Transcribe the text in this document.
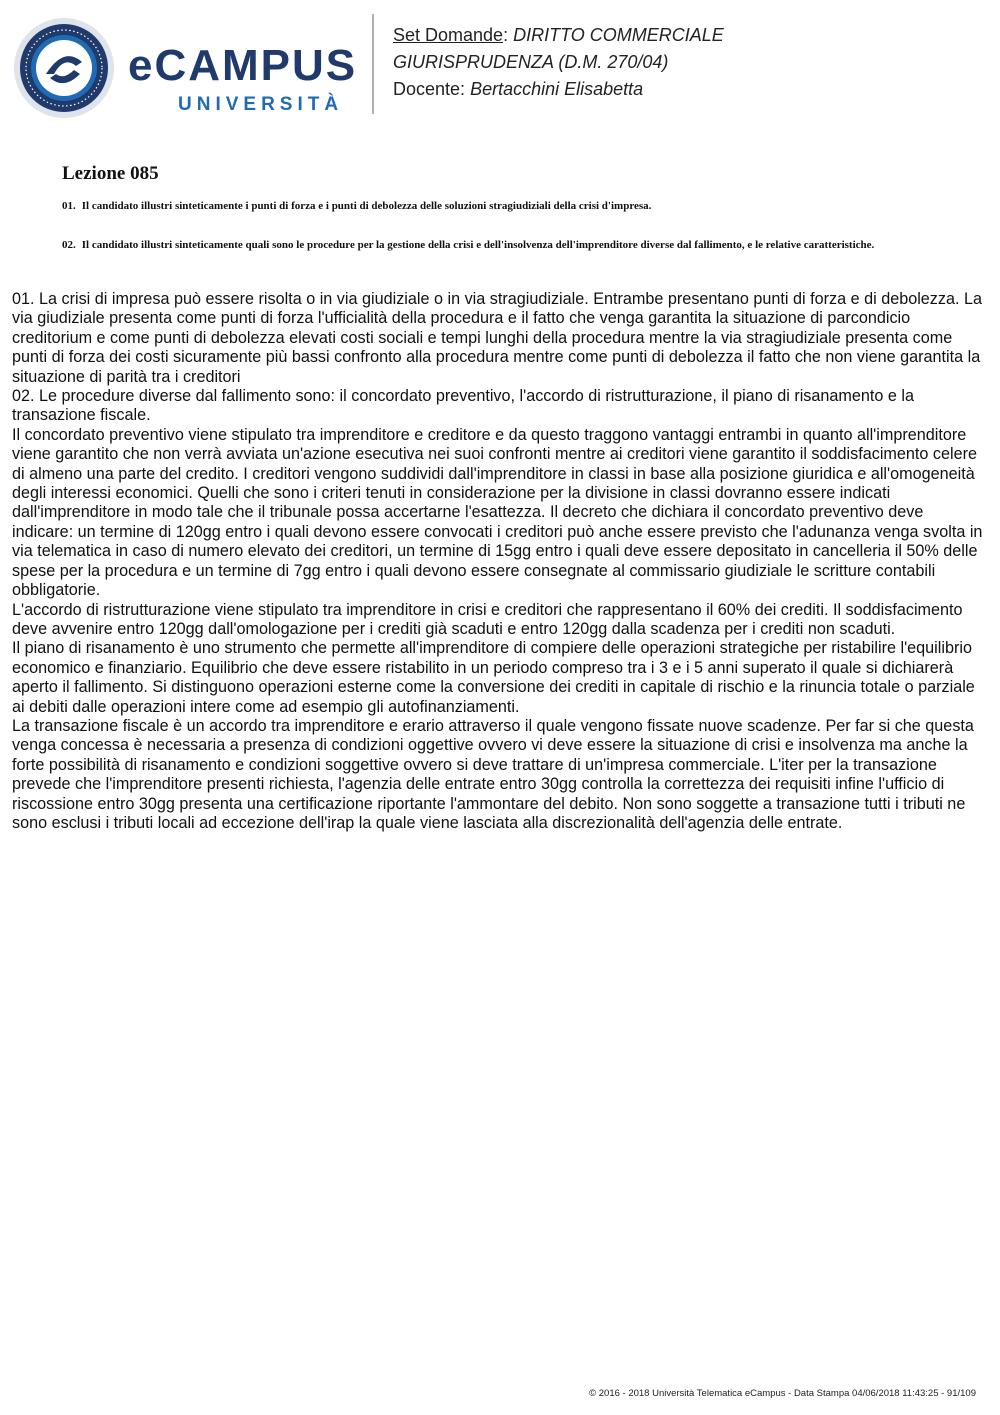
eCAMPUS
UNIVERSITÀ
Set Domande: DIRITTO COMMERCIALE
GIURISPRUDENZA (D.M. 270/04)
Docente: Bertacchini Elisabetta
Lezione 085
01. Il candidato illustri sinteticamente i punti di forza e i punti di debolezza delle soluzioni stragiudiziali della crisi d'impresa.
02. Il candidato illustri sinteticamente quali sono le procedure per la gestione della crisi e dell'insolvenza dell'imprenditore diverse dal fallimento, e le relative caratteristiche.

01. La crisi di impresa può essere risolta o in via giudiziale o in via stragiudiziale. Entrambe presentano punti di forza e di debolezza. La via giudiziale presenta come punti di forza l'ufficialità della procedura e il fatto che venga garantita la situazione di parcondicio creditorium e come punti di debolezza elevati costi sociali e tempi lunghi della procedura mentre la via stragiudiziale presenta come punti di forza dei costi sicuramente più bassi confronto alla procedura mentre come punti di debolezza il fatto che non viene garantita la situazione di parità tra i creditori

02. Le procedure diverse dal fallimento sono: il concordato preventivo, l'accordo di ristrutturazione, il piano di risanamento e la transazione fiscale.

Il concordato preventivo viene stipulato tra imprenditore e creditore e da questo traggono vantaggi entrambi in quanto all'imprenditore viene garantito che non verrà avviata un'azione esecutiva nei suoi confronti mentre ai creditori viene garantito il soddisfacimento celere di almeno una parte del credito. I creditori vengono suddividi dall'imprenditore in classi in base alla posizione giuridica e all'omogeneità degli interessi economici. Quelli che sono i criteri tenuti in considerazione per la divisione in classi dovranno essere indicati dall'imprenditore in modo tale che il tribunale possa accertarne l'esattezza. Il decreto che dichiara il concordato preventivo deve indicare: un termine di 120gg entro i quali devono essere convocati i creditori può anche essere previsto che l'adunanza venga svolta in via telematica in caso di numero elevato dei creditori, un termine di 15gg entro i quali deve essere depositato in cancelleria il 50% delle spese per la procedura e un termine di 7gg entro i quali devono essere consegnate al commissario giudiziale le scritture contabili obbligatorie.

L'accordo di ristrutturazione viene stipulato tra imprenditore in crisi e creditori che rappresentano il 60% dei crediti. Il soddisfacimento deve avvenire entro 120gg dall'omologazione per i crediti già scaduti e entro 120gg dalla scadenza per i crediti non scaduti.

Il piano di risanamento è uno strumento che permette all'imprenditore di compiere delle operazioni strategiche per ristabilire l'equilibrio economico e finanziario. Equilibrio che deve essere ristabilito in un periodo compreso tra i 3 e i 5 anni superato il quale si dichiarerà aperto il fallimento. Si distinguono operazioni esterne come la conversione dei crediti in capitale di rischio e la rinuncia totale o parziale ai debiti dalle operazioni intere come ad esempio gli autofinanziamenti.

La transazione fiscale è un accordo tra imprenditore e erario attraverso il quale vengono fissate nuove scadenze. Per far si che questa venga concessa è necessaria a presenza di condizioni oggettive ovvero vi deve essere la situazione di crisi e insolvenza ma anche la forte possibilità di risanamento e condizioni soggettive ovvero si deve trattare di un'impresa commerciale. L'iter per la transazione prevede che l'imprenditore presenti richiesta, l'agenzia delle entrate entro 30gg controlla la correttezza dei requisiti infine l'ufficio di riscossione entro 30gg presenta una certificazione riportante l'ammontare del debito. Non sono soggette a transazione tutti i tributi ne sono esclusi i tributi locali ad eccezione dell'irap la quale viene lasciata alla discrezionalità dell'agenzia delle entrate.

© 2016 - 2018 Università Telematica eCampus - Data Stampa 04/06/2018 11:43:25 - 91/109
